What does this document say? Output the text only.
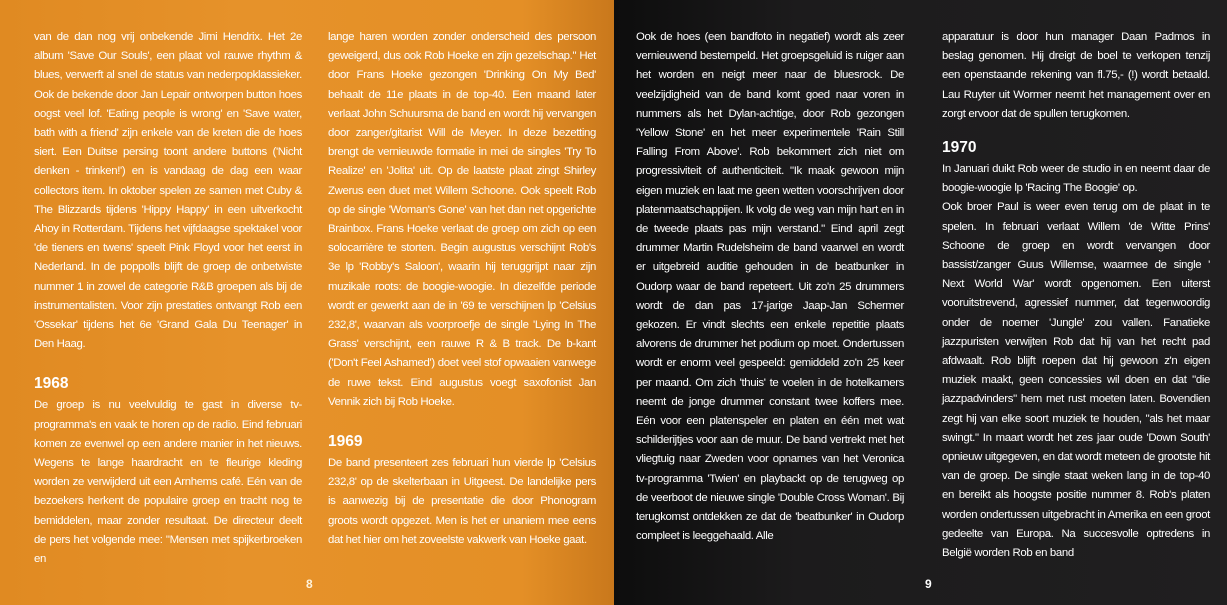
van de dan nog vrij onbekende Jimi Hendrix. Het 2e album 'Save Our Souls', een plaat vol rauwe rhythm & blues, verwerft al snel de status van nederpopklassieker. Ook de bekende door Jan Lepair ontworpen button hoes oogst veel lof. 'Eating people is wrong' en 'Save water, bath with a friend' zijn enkele van de kreten die de hoes siert. Een Duitse persing toont andere buttons ('Nicht denken - trinken!') en is vandaag de dag een waar collectors item. In oktober spelen ze samen met Cuby & The Blizzards tijdens 'Hippy Happy' in een uitverkocht Ahoy in Rotterdam. Tijdens het vijfdaagse spektakel voor 'de tieners en twens' speelt Pink Floyd voor het eerst in Nederland. In de poppolls blijft de groep de onbetwiste nummer 1 in zowel de categorie R&B groepen als bij de instrumentalisten. Voor zijn prestaties ontvangt Rob een 'Ossekar' tijdens het 6e 'Grand Gala Du Teenager' in Den Haag.

1968

De groep is nu veelvuldig te gast in diverse tv-programma's en vaak te horen op de radio. Eind februari komen ze evenwel op een andere manier in het nieuws. Wegens te lange haardracht en te fleurige kleding worden ze verwijderd uit een Arnhems café. Eén van de bezoekers herkent de populaire groep en tracht nog te bemiddelen, maar zonder resultaat. De directeur deelt de pers het volgende mee: "Mensen met spijkerbroeken en

lange haren worden zonder onderscheid des persoon geweigerd, dus ook Rob Hoeke en zijn gezelschap." Het door Frans Hoeke gezongen 'Drinking On My Bed' behaalt de 11e plaats in de top-40. Een maand later verlaat John Schuursma de band en wordt hij vervangen door zanger/gitarist Will de Meyer. In deze bezetting brengt de vernieuwde formatie in mei de singles 'Try To Realize' en 'Jolita' uit. Op de laatste plaat zingt Shirley Zwerus een duet met Willem Schoone. Ook speelt Rob op de single 'Woman's Gone' van het dan net opgerichte Brainbox. Frans Hoeke verlaat de groep om zich op een solocarrière te storten. Begin augustus verschijnt Rob's 3e lp 'Robby's Saloon', waarin hij teruggrijpt naar zijn muzikale roots: de boogie-woogie. In diezelfde periode wordt er gewerkt aan de in '69 te verschijnen lp 'Celsius 232,8', waarvan als voorproefje de single 'Lying In The Grass' verschijnt, een rauwe R & B track. De b-kant ('Don't Feel Ashamed') doet veel stof opwaaien vanwege de ruwe tekst. Eind augustus voegt saxofonist Jan Vennik zich bij Rob Hoeke.

1969

De band presenteert zes februari hun vierde lp 'Celsius 232,8' op de skelterbaan in Uitgeest. De landelijke pers is aanwezig bij de presentatie die door Phonogram groots wordt opgezet. Men is het er unaniem mee eens dat het hier om het zoveelste vakwerk van Hoeke gaat.

8

Ook de hoes (een bandfoto in negatief) wordt als zeer vernieuwend bestempeld. Het groepsgeluid is ruiger aan het worden en neigt meer naar de bluesrock. De veelzijdigheid van de band komt goed naar voren in nummers als het Dylan-achtige, door Rob gezongen 'Yellow Stone' en het meer experimentele 'Rain Still Falling From Above'. Rob bekommert zich niet om progressiviteit of authenticiteit. "Ik maak gewoon mijn eigen muziek en laat me geen wetten voorschrijven door platenmaatschappijen. Ik volg de weg van mijn hart en in de tweede plaats pas mijn verstand." Eind april zegt drummer Martin Rudelsheim de band vaarwel en wordt er uitgebreid auditie gehouden in de beatbunker in Oudorp waar de band repeteert. Uit zo'n 25 drummers wordt de dan pas 17-jarige Jaap-Jan Schermer gekozen. Er vindt slechts een enkele repetitie plaats alvorens de drummer het podium op moet. Ondertussen wordt er enorm veel gespeeld: gemiddeld zo'n 25 keer per maand. Om zich 'thuis' te voelen in de hotelkamers neemt de jonge drummer constant twee koffers mee. Eén voor een platenspeler en platen en één met wat schilderijtjes voor aan de muur. De band vertrekt met het vliegtuig naar Zweden voor opnames van het Veronica tv-programma 'Twien' en playbackt op de terugweg op de veerboot de nieuwe single 'Double Cross Woman'. Bij terugkomst ontdekken ze dat de 'beatbunker' in Oudorp compleet is leeggehaald. Alle

apparatuur is door hun manager Daan Padmos in beslag genomen. Hij dreigt de boel te verkopen tenzij een openstaande rekening van fl.75,- (!) wordt betaald. Lau Ruyter uit Wormer neemt het management over en zorgt ervoor dat de spullen terugkomen.

1970

In Januari duikt Rob weer de studio in en neemt daar de boogie-woogie lp 'Racing The Boogie' op.

Ook broer Paul is weer even terug om de plaat in te spelen. In februari verlaat Willem 'de Witte Prins' Schoone de groep en wordt vervangen door bassist/zanger Guus Willemse, waarmee de single ' Next World War' wordt opgenomen. Een uiterst vooruitstrevend, agressief nummer, dat tegenwoordig onder de noemer 'Jungle' zou vallen. Fanatieke jazzpuristen verwijten Rob dat hij van het recht pad afdwaalt. Rob blijft roepen dat hij gewoon z'n eigen muziek maakt, geen concessies wil doen en dat "die jazzpadvinders" hem met rust moeten laten. Bovendien zegt hij van elke soort muziek te houden, "als het maar swingt." In maart wordt het zes jaar oude 'Down South' opnieuw uitgegeven, en dat wordt meteen de grootste hit van de groep. De single staat weken lang in de top-40 en bereikt als hoogste positie nummer 8. Rob's platen worden ondertussen uitgebracht in Amerika en een groot gedeelte van Europa. Na succesvolle optredens in België worden Rob en band

9
